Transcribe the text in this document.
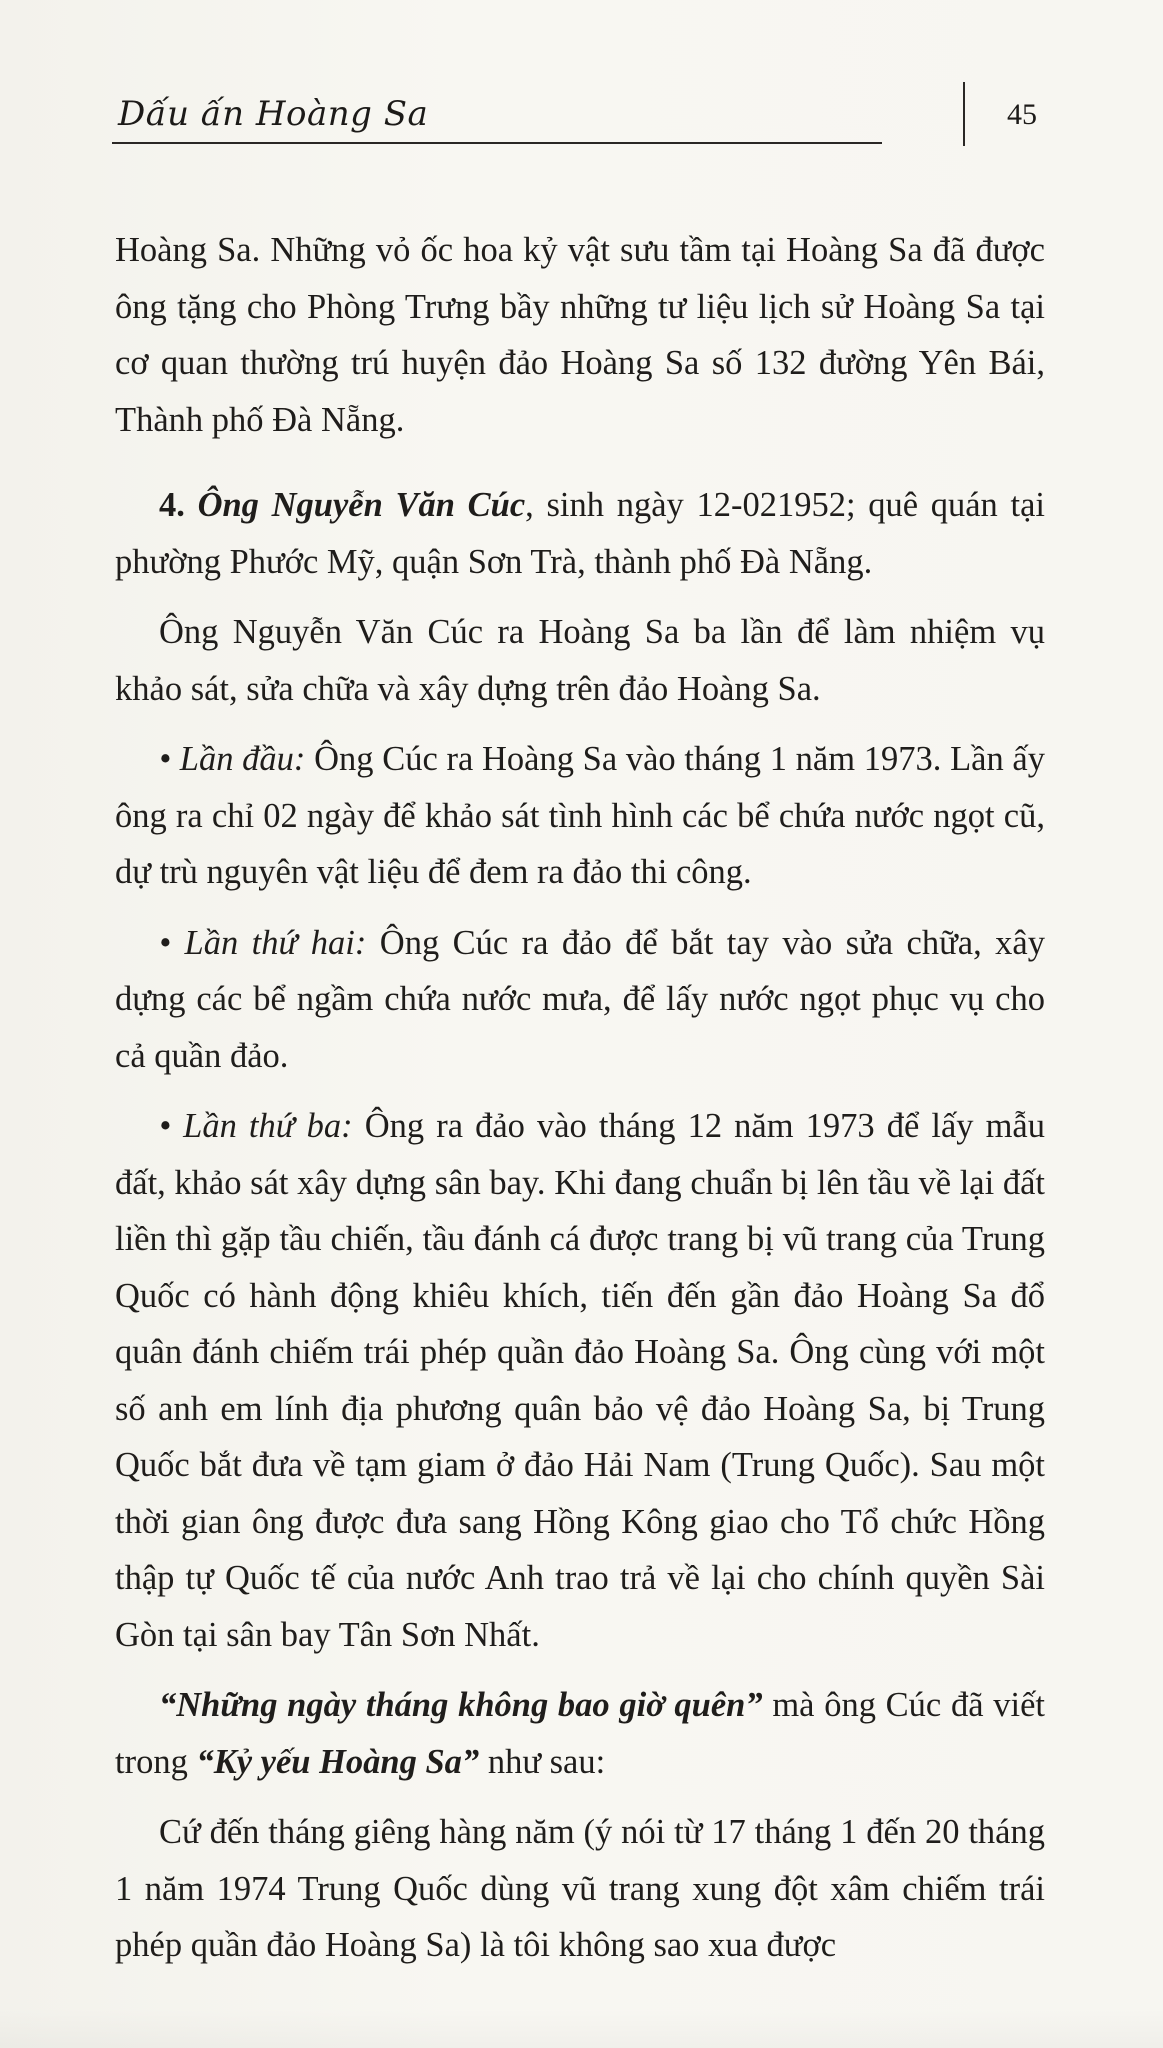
Dấu ấn Hoàng Sa	45

Hoàng Sa. Những vỏ ốc hoa kỷ vật sưu tầm tại Hoàng Sa đã được ông tặng cho Phòng Trưng bầy những tư liệu lịch sử Hoàng Sa tại cơ quan thường trú huyện đảo Hoàng Sa số 132 đường Yên Bái, Thành phố Đà Nẵng.

4. Ông Nguyễn Văn Cúc, sinh ngày 12-021952; quê quán tại phường Phước Mỹ, quận Sơn Trà, thành phố Đà Nẵng.

Ông Nguyễn Văn Cúc ra Hoàng Sa ba lần để làm nhiệm vụ khảo sát, sửa chữa và xây dựng trên đảo Hoàng Sa.

• Lần đầu: Ông Cúc ra Hoàng Sa vào tháng 1 năm 1973. Lần ấy ông ra chỉ 02 ngày để khảo sát tình hình các bể chứa nước ngọt cũ, dự trù nguyên vật liệu để đem ra đảo thi công.

• Lần thứ hai: Ông Cúc ra đảo để bắt tay vào sửa chữa, xây dựng các bể ngầm chứa nước mưa, để lấy nước ngọt phục vụ cho cả quần đảo.

• Lần thứ ba: Ông ra đảo vào tháng 12 năm 1973 để lấy mẫu đất, khảo sát xây dựng sân bay. Khi đang chuẩn bị lên tầu về lại đất liền thì gặp tầu chiến, tầu đánh cá được trang bị vũ trang của Trung Quốc có hành động khiêu khích, tiến đến gần đảo Hoàng Sa đổ quân đánh chiếm trái phép quần đảo Hoàng Sa. Ông cùng với một số anh em lính địa phương quân bảo vệ đảo Hoàng Sa, bị Trung Quốc bắt đưa về tạm giam ở đảo Hải Nam (Trung Quốc). Sau một thời gian ông được đưa sang Hồng Kông giao cho Tổ chức Hồng thập tự Quốc tế của nước Anh trao trả về lại cho chính quyền Sài Gòn tại sân bay Tân Sơn Nhất.

“Những ngày tháng không bao giờ quên” mà ông Cúc đã viết trong “Kỷ yếu Hoàng Sa” như sau:

Cứ đến tháng giêng hàng năm (ý nói từ 17 tháng 1 đến 20 tháng 1 năm 1974 Trung Quốc dùng vũ trang xung đột xâm chiếm trái phép quần đảo Hoàng Sa) là tôi không sao xua được
